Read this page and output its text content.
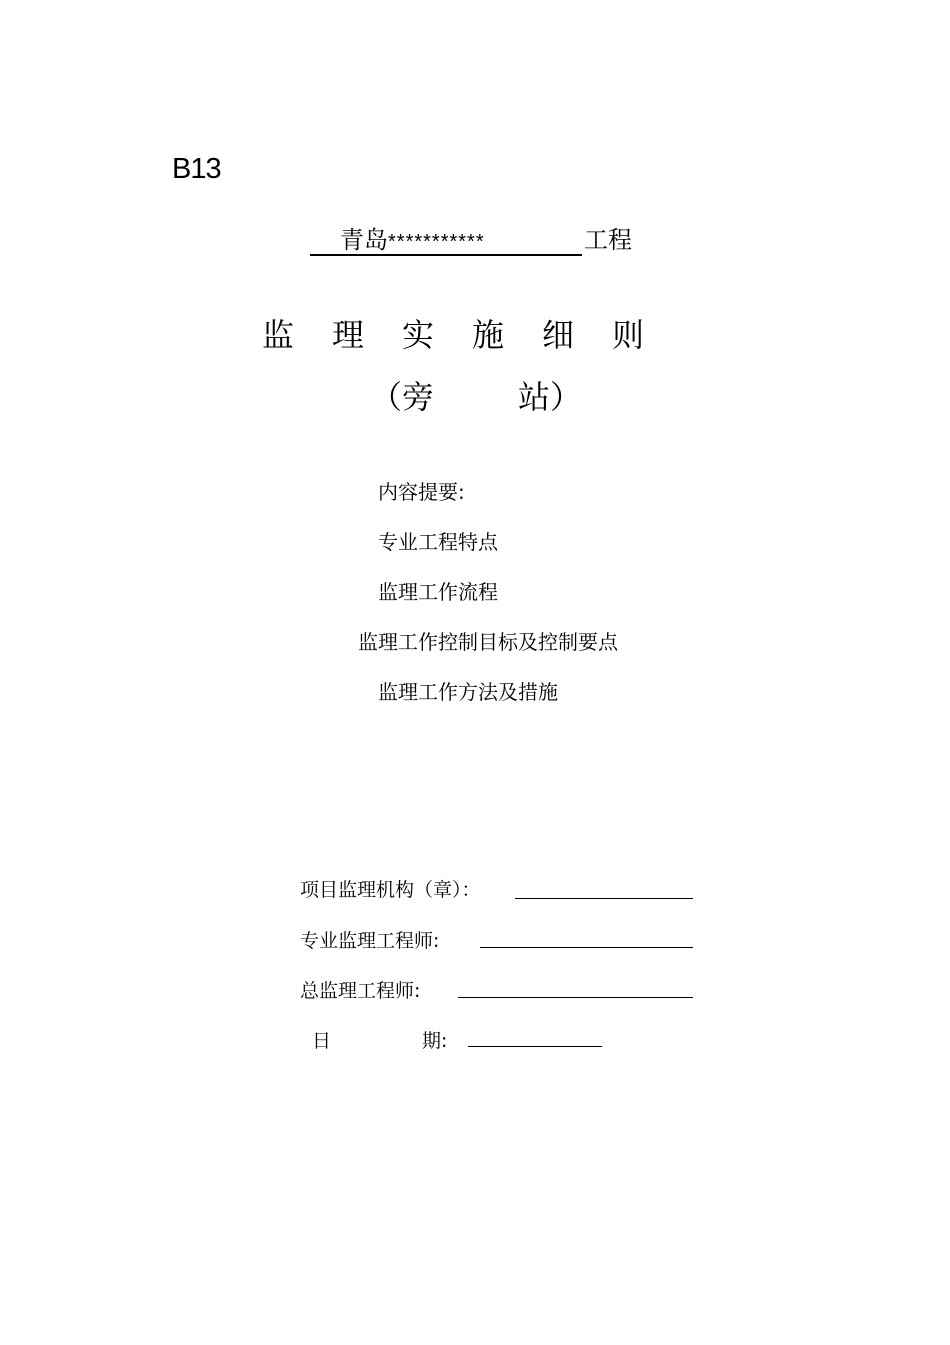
B13
青岛***********	工程
监理实施细则
（旁	站）
内容提要:
专业工程特点
监理工作流程
监理工作控制目标及控制要点
监理工作方法及措施
项目监理机构（章）：
专业监理工程师:
总监理工程师:
日	期:
